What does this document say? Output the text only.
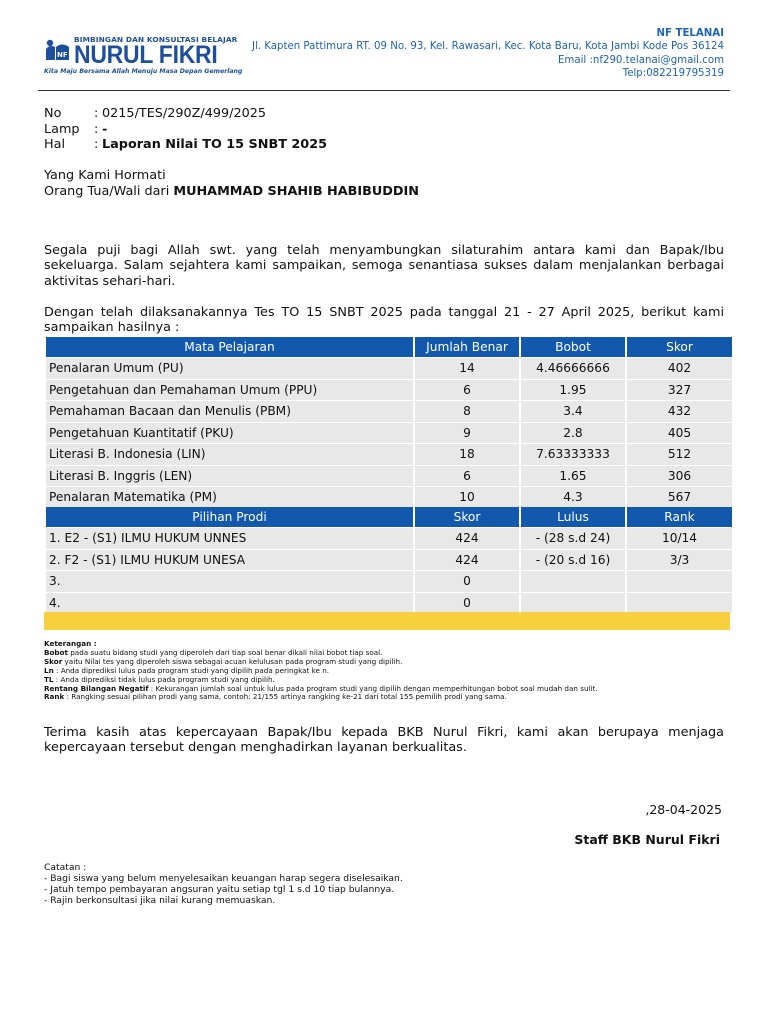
NF
BIMBINGAN DAN KONSULTASI BELAJAR
NURUL FIKRI
Kita Maju Bersama Allah Menuju Masa Depan Gemerlang
NF TELANAI
Jl. Kapten Pattimura RT. 09 No. 93, Kel. Rawasari, Kec. Kota Baru, Kota Jambi Kode Pos 36124
Email :nf290.telanai@gmail.com
Telp:082219795319
No	: 0215/TES/290Z/499/2025
Lamp	: -
Hal	: Laporan Nilai TO 15 SNBT 2025
Yang Kami Hormati
Orang Tua/Wali dari MUHAMMAD SHAHIB HABIBUDDIN

Segala puji bagi Allah swt. yang telah menyambungkan silaturahim antara kami dan Bapak/Ibu sekeluarga. Salam sejahtera kami sampaikan, semoga senantiasa sukses dalam menjalankan berbagai aktivitas sehari-hari.

Dengan telah dilaksanakannya Tes TO 15 SNBT 2025 pada tanggal 21 - 27 April 2025, berikut kami sampaikan hasilnya :

Mata Pelajaran	Jumlah Benar	Bobot	Skor
Penalaran Umum (PU)	14	4.46666666	402
Pengetahuan dan Pemahaman Umum (PPU)	6	1.95	327
Pemahaman Bacaan dan Menulis (PBM)	8	3.4	432
Pengetahuan Kuantitatif (PKU)	9	2.8	405
Literasi B. Indonesia (LIN)	18	7.63333333	512
Literasi B. Inggris (LEN)	6	1.65	306
Penalaran Matematika (PM)	10	4.3	567
Pilihan Prodi	Skor	Lulus	Rank
1. E2 - (S1) ILMU HUKUM UNNES	424	- (28 s.d 24)	10/14
2. F2 - (S1) ILMU HUKUM UNESA	424	- (20 s.d 16)	3/3
3.	0		
4.	0		
Keterangan :
Bobot pada suatu bidang studi yang diperoleh dari tiap soal benar dikali nilai bobot tiap soal.
Skor yaitu Nilai tes yang diperoleh siswa sebagai acuan kelulusan pada program studi yang dipilih.
Ln : Anda diprediksi lulus pada program studi yang dipilih pada peringkat ke n.
TL : Anda diprediksi tidak lulus pada program studi yang dipilih.
Rentang Bilangan Negatif : Kekurangan jumlah soal untuk lulus pada program studi yang dipilih dengan memperhitungan bobot soal mudah dan sulit.
Rank : Rangking sesuai pilihan prodi yang sama, contoh: 21/155 artinya rangking ke-21 dari total 155 pemilih prodi yang sama.

Terima kasih atas kepercayaan Bapak/Ibu kepada BKB Nurul Fikri, kami akan berupaya menjaga kepercayaan tersebut dengan menghadirkan layanan berkualitas.

,28-04-2025
Staff BKB Nurul Fikri
Catatan :
- Bagi siswa yang belum menyelesaikan keuangan harap segera diselesaikan.
- Jatuh tempo pembayaran angsuran yaitu setiap tgl 1 s.d 10 tiap bulannya.
- Rajin berkonsultasi jika nilai kurang memuaskan.
